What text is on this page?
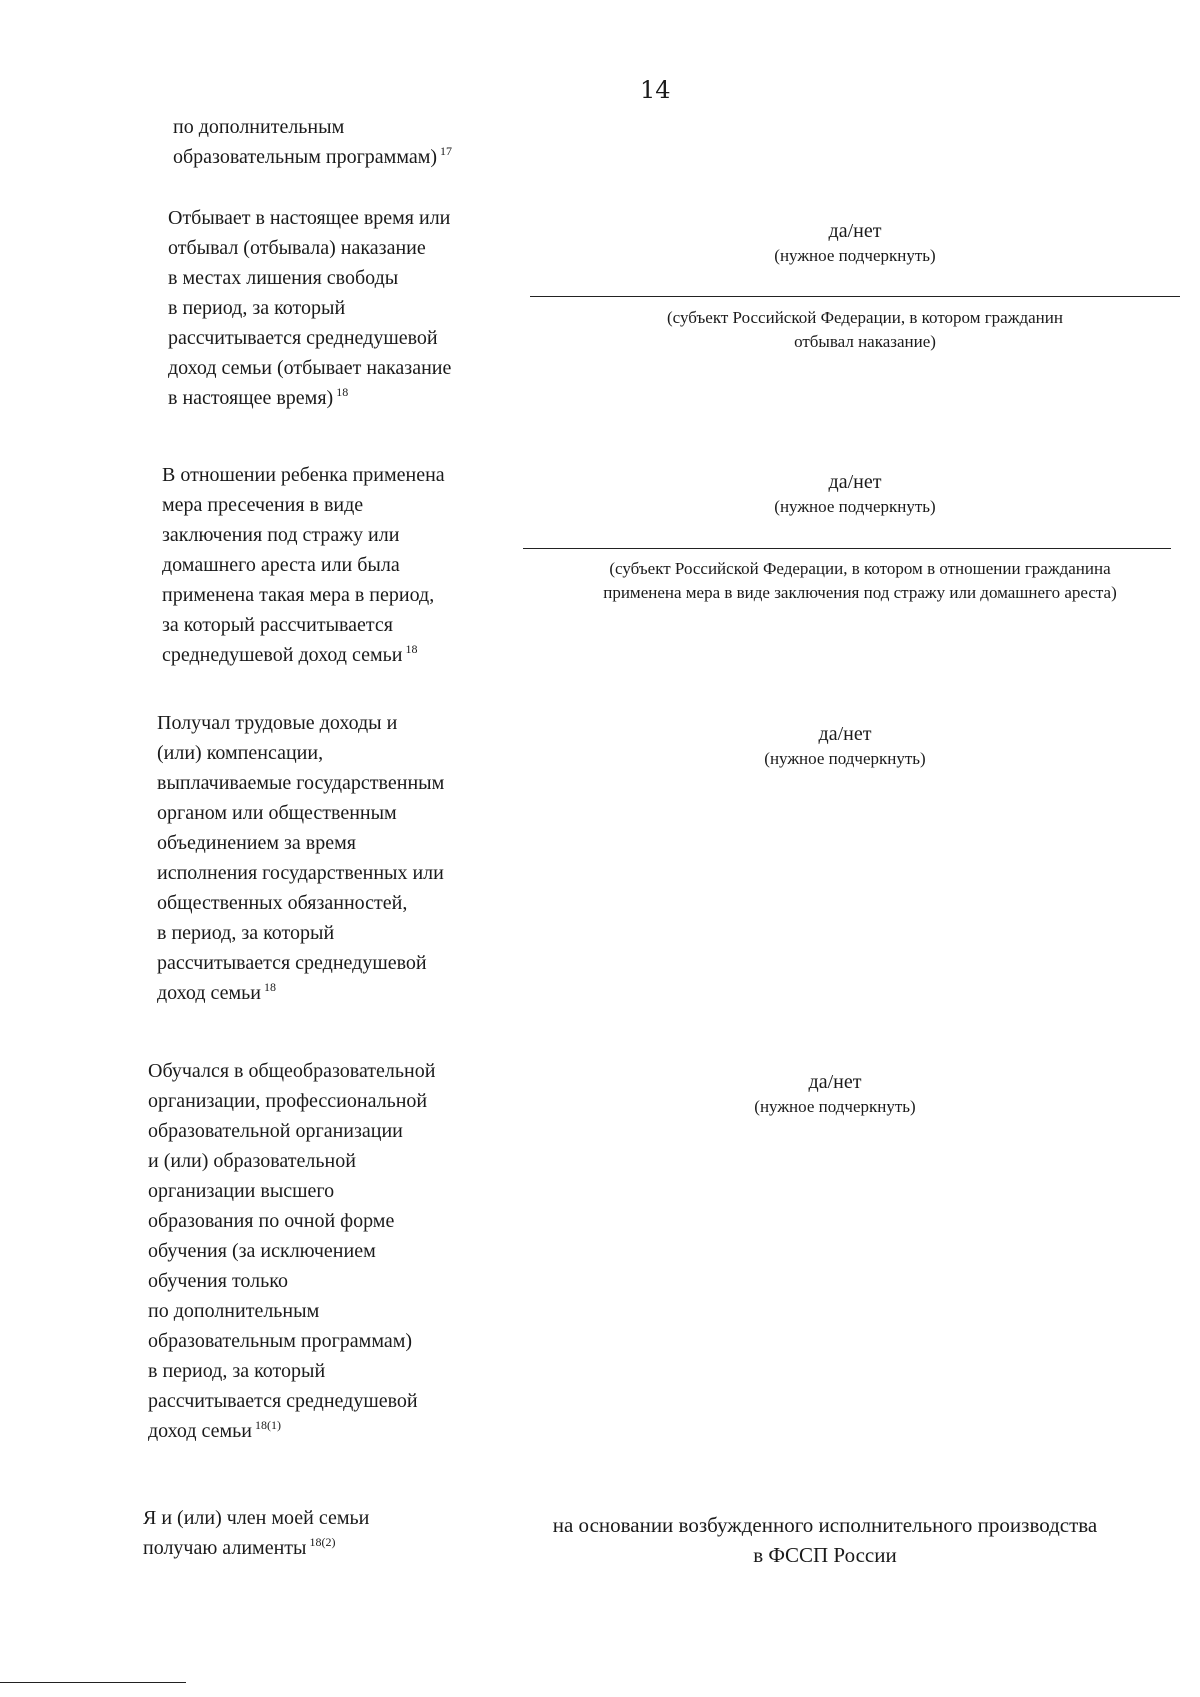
14
по дополнительным
образовательным программам) $^{17}$
Отбывает в настоящее время или
отбывал (отбывала) наказание
в местах лишения свободы
в период, за который
рассчитывается среднедушевой
доход семьи (отбывает наказание
в настоящее время) $^{18}$
да/нет
(нужное подчеркнуть)
(субъект Российской Федерации, в котором гражданин
отбывал наказание)
В отношении ребенка применена
мера пресечения в виде
заключения под стражу или
домашнего ареста или была
применена такая мера в период,
за который рассчитывается
среднедушевой доход семьи $^{18}$
да/нет
(нужное подчеркнуть)
(субъект Российской Федерации, в котором в отношении гражданина
применена мера в виде заключения под стражу или домашнего ареста)
Получал трудовые доходы и
(или) компенсации,
выплачиваемые государственным
органом или общественным
объединением за время
исполнения государственных или
общественных обязанностей,
в период, за который
рассчитывается среднедушевой
доход семьи $^{18}$
да/нет
(нужное подчеркнуть)
Обучался в общеобразовательной
организации, профессиональной
образовательной организации
и (или) образовательной
организации высшего
образования по очной форме
обучения (за исключением
обучения только
по дополнительным
образовательным программам)
в период, за который
рассчитывается среднедушевой
доход семьи $^{18(1)}$
да/нет
(нужное подчеркнуть)
Я и (или) член моей семьи
получаю алименты $^{18(2)}$
на основании возбужденного исполнительного производства
в ФССП России
